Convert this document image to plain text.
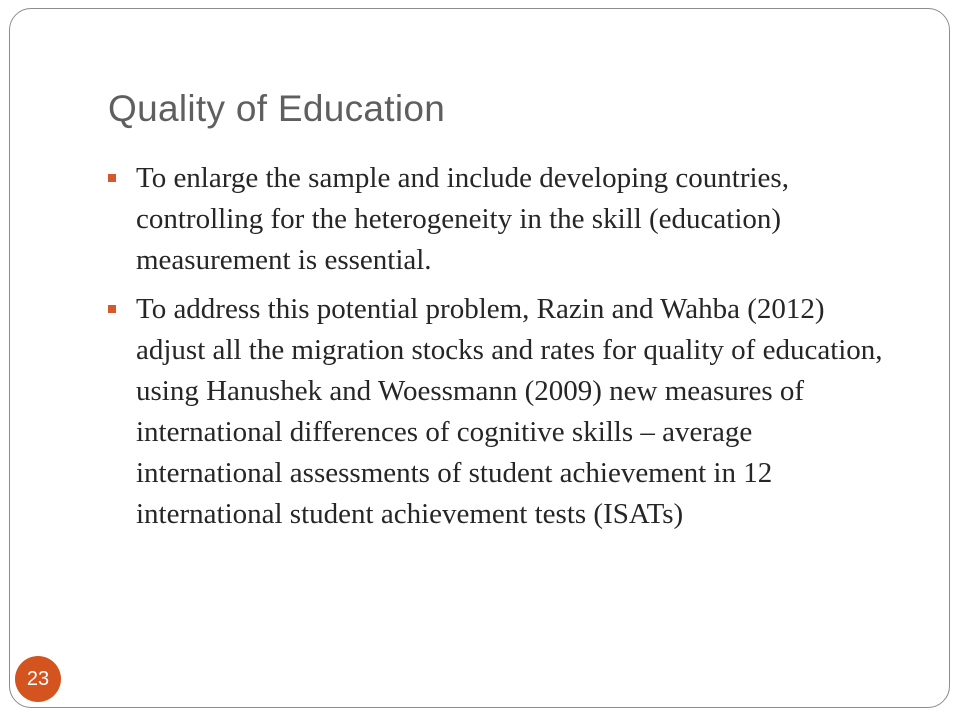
Quality of Education
To enlarge the sample and include developing countries, controlling for the heterogeneity in the skill (education) measurement is essential.
To address this potential problem, Razin and Wahba (2012) adjust all the migration stocks and rates for quality of education, using Hanushek and Woessmann (2009) new measures of international differences of cognitive skills – average international assessments of student achievement in 12 international student achievement tests (ISATs)
23
